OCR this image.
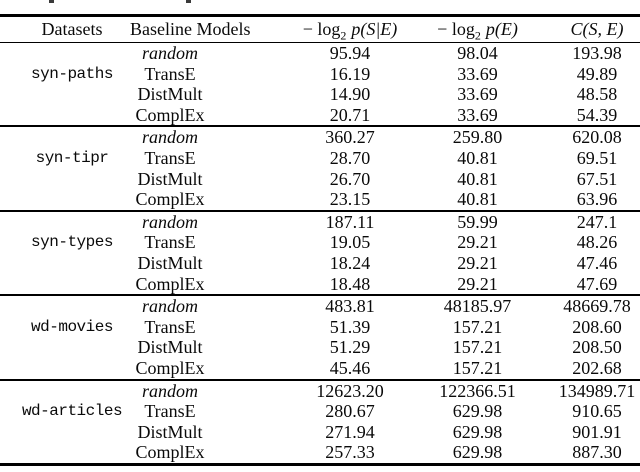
Datasets	Baseline Models	− $\log_2 p(S|E)$	− $\log_2 p(E)$	C(S, E)
	random	95.94	98.04	193.98
syn-paths	TransE	16.19	33.69	49.89
	DistMult	14.90	33.69	48.58
	ComplEx	20.71	33.69	54.39
	random	360.27	259.80	620.08
syn-tipr	TransE	28.70	40.81	69.51
	DistMult	26.70	40.81	67.51
	ComplEx	23.15	40.81	63.96
	random	187.11	59.99	247.1
syn-types	TransE	19.05	29.21	48.26
	DistMult	18.24	29.21	47.46
	ComplEx	18.48	29.21	47.69
	random	483.81	48185.97	48669.78
wd-movies	TransE	51.39	157.21	208.60
	DistMult	51.29	157.21	208.50
	ComplEx	45.46	157.21	202.68
	random	12623.20	122366.51	134989.71
wd-articles	TransE	280.67	629.98	910.65
	DistMult	271.94	629.98	901.91
	ComplEx	257.33	629.98	887.30
